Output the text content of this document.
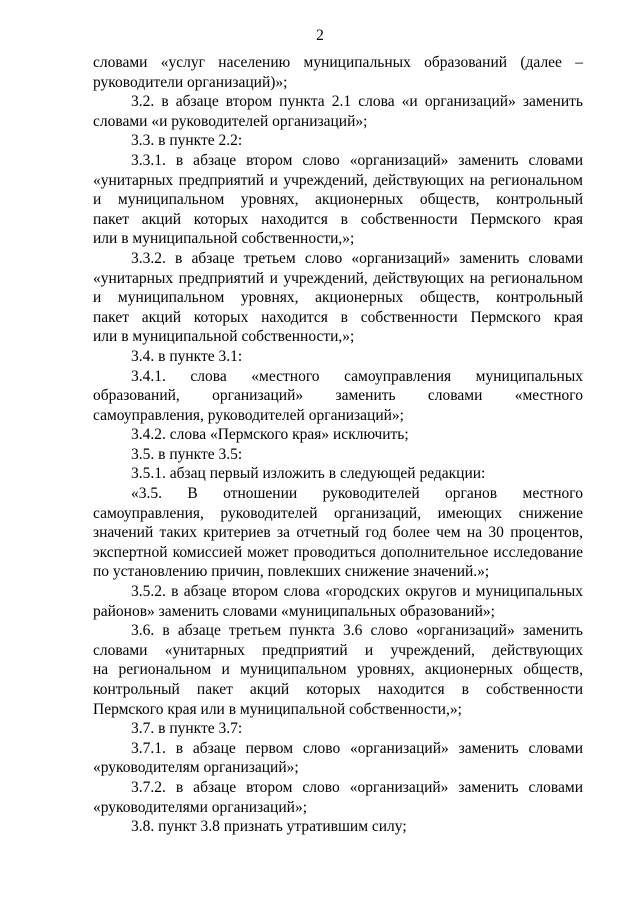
2
словами «услуг населению муниципальных образований (далее –
руководители организаций)»;
3.2. в абзаце втором пункта 2.1 слова «и организаций» заменить
словами «и руководителей организаций»;
3.3. в пункте 2.2:
3.3.1. в абзаце втором слово «организаций» заменить словами
«унитарных предприятий и учреждений, действующих на региональном
и муниципальном уровнях, акционерных обществ, контрольный
пакет акций которых находится в собственности Пермского края
или в муниципальной собственности,»;
3.3.2. в абзаце третьем слово «организаций» заменить словами
«унитарных предприятий и учреждений, действующих на региональном
и муниципальном уровнях, акционерных обществ, контрольный
пакет акций которых находится в собственности Пермского края
или в муниципальной собственности,»;
3.4. в пункте 3.1:
3.4.1. слова «местного самоуправления муниципальных
образований, организаций» заменить словами «местного
самоуправления, руководителей организаций»;
3.4.2. слова «Пермского края» исключить;
3.5. в пункте 3.5:
3.5.1. абзац первый изложить в следующей редакции:
«3.5. В отношении руководителей органов местного
самоуправления, руководителей организаций, имеющих снижение
значений таких критериев за отчетный год более чем на 30 процентов,
экспертной комиссией может проводиться дополнительное исследование
по установлению причин, повлекших снижение значений.»;
3.5.2. в абзаце втором слова «городских округов и муниципальных
районов» заменить словами «муниципальных образований»;
3.6. в абзаце третьем пункта 3.6 слово «организаций» заменить
словами «унитарных предприятий и учреждений, действующих
на региональном и муниципальном уровнях, акционерных обществ,
контрольный пакет акций которых находится в собственности
Пермского края или в муниципальной собственности,»;
3.7. в пункте 3.7:
3.7.1. в абзаце первом слово «организаций» заменить словами
«руководителям организаций»;
3.7.2. в абзаце втором слово «организаций» заменить словами
«руководителями организаций»;
3.8. пункт 3.8 признать утратившим силу;
